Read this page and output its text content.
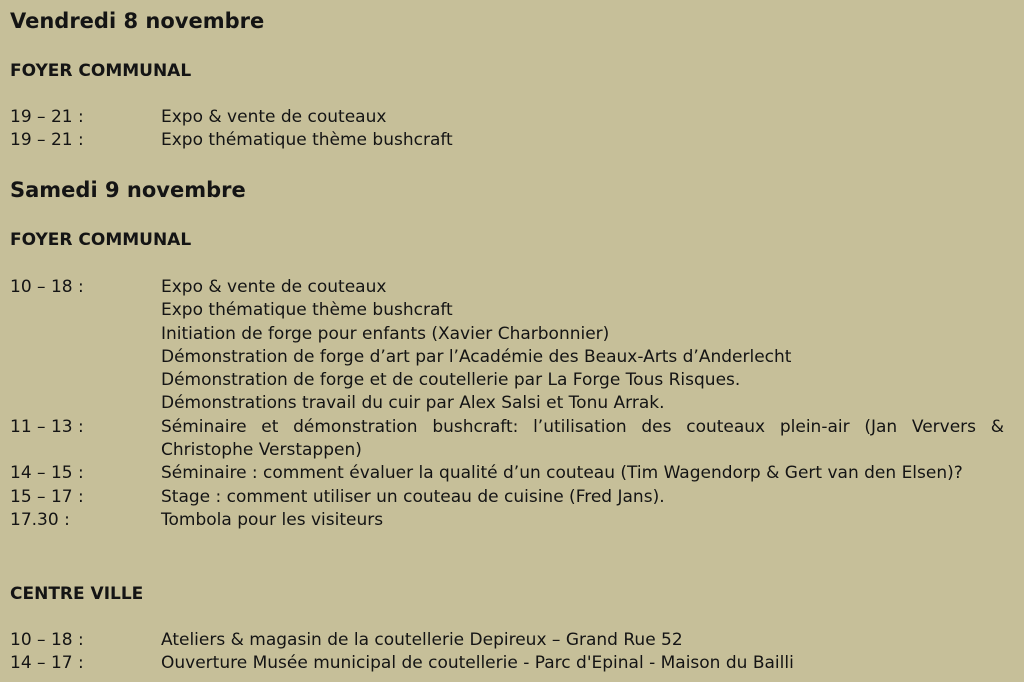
Vendredi 8 novembre
FOYER COMMUNAL
19 – 21 :	Expo & vente de couteaux
19 – 21 :	Expo thématique thème bushcraft
Samedi 9 novembre
FOYER COMMUNAL
10 – 18 :	Expo & vente de couteaux
Expo thématique thème bushcraft
Initiation de forge pour enfants (Xavier Charbonnier)
Démonstration de forge d’art par l’Académie des Beaux-Arts d’Anderlecht
Démonstration de forge et de coutellerie par La Forge Tous Risques.
Démonstrations travail du cuir par Alex Salsi et Tonu Arrak.
11 – 13 :	Séminaire et démonstration bushcraft: l’utilisation des couteaux plein-air (Jan Ververs & Christophe Verstappen)
14 – 15 :	Séminaire : comment évaluer la qualité d’un couteau (Tim Wagendorp & Gert van den Elsen)?
15 – 17 :	Stage : comment utiliser un couteau de cuisine (Fred Jans).
17.30 :	Tombola pour les visiteurs
CENTRE VILLE
10 – 18 :	Ateliers & magasin de la coutellerie Depireux – Grand Rue 52
14 – 17 :	Ouverture Musée municipal de coutellerie - Parc d'Epinal - Maison du Bailli
